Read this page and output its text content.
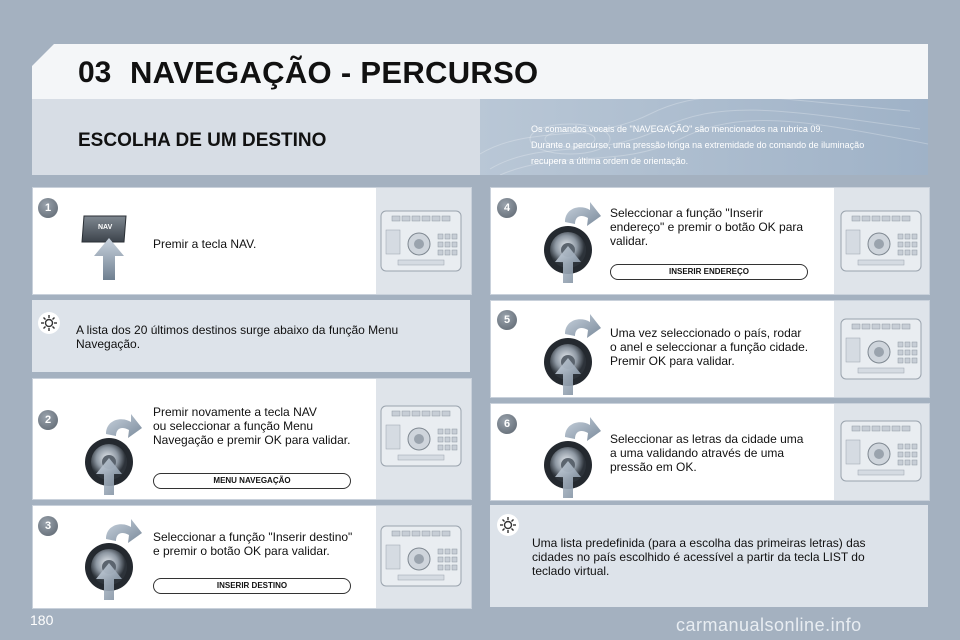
03 NAVEGAÇÃO - PERCURSO
ESCOLHA DE UM DESTINO
Os comandos vocais de "NAVEGAÇÃO" são mencionados na rubrica 09.
Durante o percurso, uma pressão longa na extremidade do comando de iluminação
recupera a última ordem de orientação.
1
NAV
Premir a tecla NAV.
A lista dos 20 últimos destinos surge abaixo da função Menu
Navegação.
2
Premir novamente a tecla NAV
ou seleccionar a função Menu
Navegação e premir OK para validar.
MENU NAVEGAÇÃO
3
Seleccionar a função "Inserir destino"
e premir o botão OK para validar.
INSERIR DESTINO
4	Seleccionar a função "Inserir
endereço" e premir o botão OK para
validar.
INSERIR ENDEREÇO
5
Uma vez seleccionado o país, rodar
o anel e seleccionar a função cidade.
Premir OK para validar.
6
Seleccionar as letras da cidade uma
a uma validando através de uma
pressão em OK.
Uma lista predefinida (para a escolha das primeiras letras) das
cidades no país escolhido é acessível a partir da tecla LIST do
teclado virtual.
180	carmanualsonline.info
